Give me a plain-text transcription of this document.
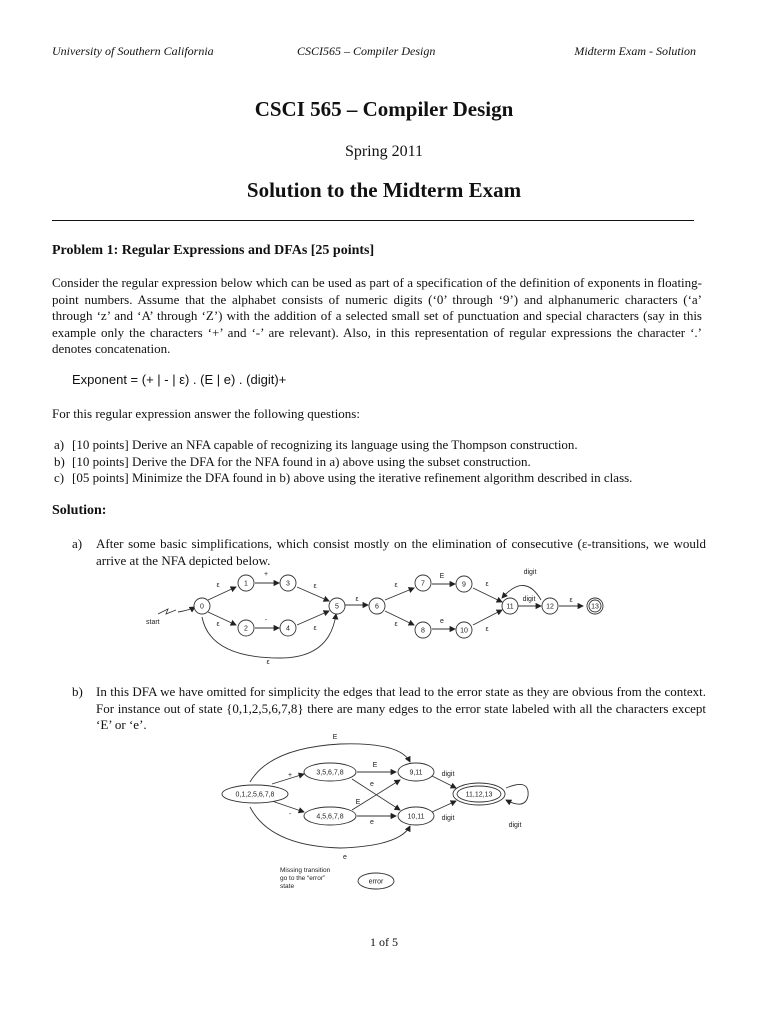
University of Southern California	CSCI565 – Compiler Design	Midterm Exam - Solution
CSCI 565 – Compiler Design
Spring 2011
Solution to the Midterm Exam
Problem 1: Regular Expressions and DFAs [25 points]
Consider the regular expression below which can be used as part of a specification of the definition of exponents in floating-point numbers. Assume that the alphabet consists of numeric digits (‘0’ through ‘9’) and alphanumeric characters (‘a’ through ‘z’ and ‘A’ through ‘Z’) with the addition of a selected small set of punctuation and special characters (say in this example only the characters ‘+’ and ‘-’ are relevant). Also, in this representation of regular expressions the character ‘.’ denotes concatenation.
Exponent = (+ | - | ε) . (E | e) . (digit)+
For this regular expression answer the following questions:
a) [10 points] Derive an NFA capable of recognizing its language using the Thompson construction.
b) [10 points] Derive the DFA for the NFA found in a) above using the subset construction.
c) [05 points] Minimize the DFA found in b) above using the iterative refinement algorithm described in class.
Solution:
a) After some basic simplifications, which consist mostly on the elimination of consecutive (ε-transitions, we would arrive at the NFA depicted below.
start
0
1
2
3
4
5	6
7
8
9
10
11	12	13
ε
ε
+
-
ε
ε
ε
ε
ε
E
e
ε
ε
digit	ε
digit
ε
b) In this DFA we have omitted for simplicity the edges that lead to the error state as they are obvious from the context. For instance out of state {0,1,2,5,6,7,8} there are many edges to the error state labeled with all the characters except ‘E’ or ‘e’.
0,1,2,5,6,7,8
3,5,6,7,8
4,5,6,7,8
9,11
10,11
11,12,13
error
+
-
E
E
e
E
e
digit
digit
digit
e
Missing transition
go to the “error”
state
1 of 5
